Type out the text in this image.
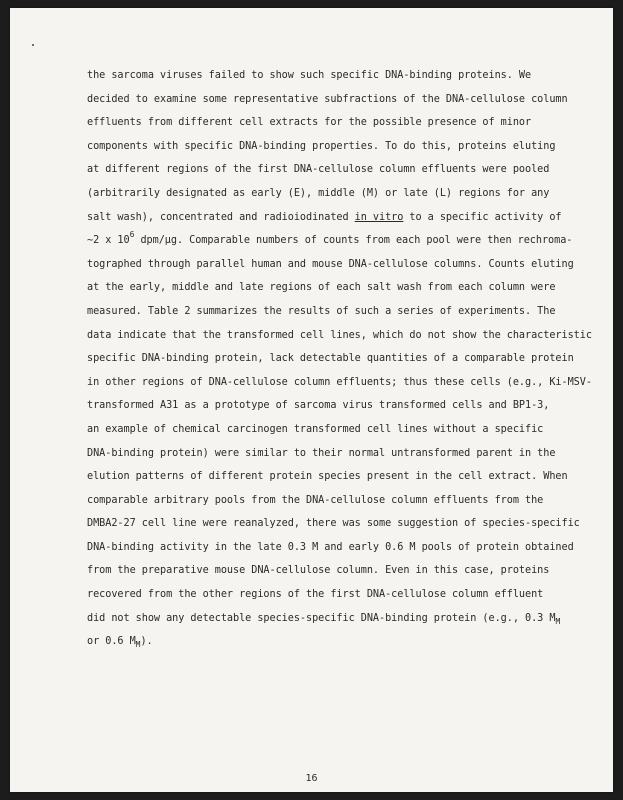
the sarcoma viruses failed to show such specific DNA-binding proteins. We
decided to examine some representative subfractions of the DNA-cellulose column
effluents from different cell extracts for the possible presence of minor
components with specific DNA-binding properties. To do this, proteins eluting
at different regions of the first DNA-cellulose column effluents were pooled
(arbitrarily designated as early (E), middle (M) or late (L) regions for any
salt wash), concentrated and radioiodinated in vitro to a specific activity of
∼2 x $10^6$ dpm/µg. Comparable numbers of counts from each pool were then rechroma-
tographed through parallel human and mouse DNA-cellulose columns. Counts eluting
at the early, middle and late regions of each salt wash from each column were
measured. Table 2 summarizes the results of such a series of experiments. The
data indicate that the transformed cell lines, which do not show the characteristic
specific DNA-binding protein, lack detectable quantities of a comparable protein
in other regions of DNA-cellulose column effluents; thus these cells (e.g., Ki-MSV-
transformed A31 as a prototype of sarcoma virus transformed cells and BP1-3,
an example of chemical carcinogen transformed cell lines without a specific
DNA-binding protein) were similar to their normal untransformed parent in the
elution patterns of different protein species present in the cell extract. When
comparable arbitrary pools from the DNA-cellulose column effluents from the
DMBA2-27 cell line were reanalyzed, there was some suggestion of species-specific
DNA-binding activity in the late 0.3 M and early 0.6 M pools of protein obtained
from the preparative mouse DNA-cellulose column. Even in this case, proteins
recovered from the other regions of the first DNA-cellulose column effluent
did not show any detectable species-specific DNA-binding protein (e.g., 0.3 $M_M$
or 0.6 $M_M$).
16
